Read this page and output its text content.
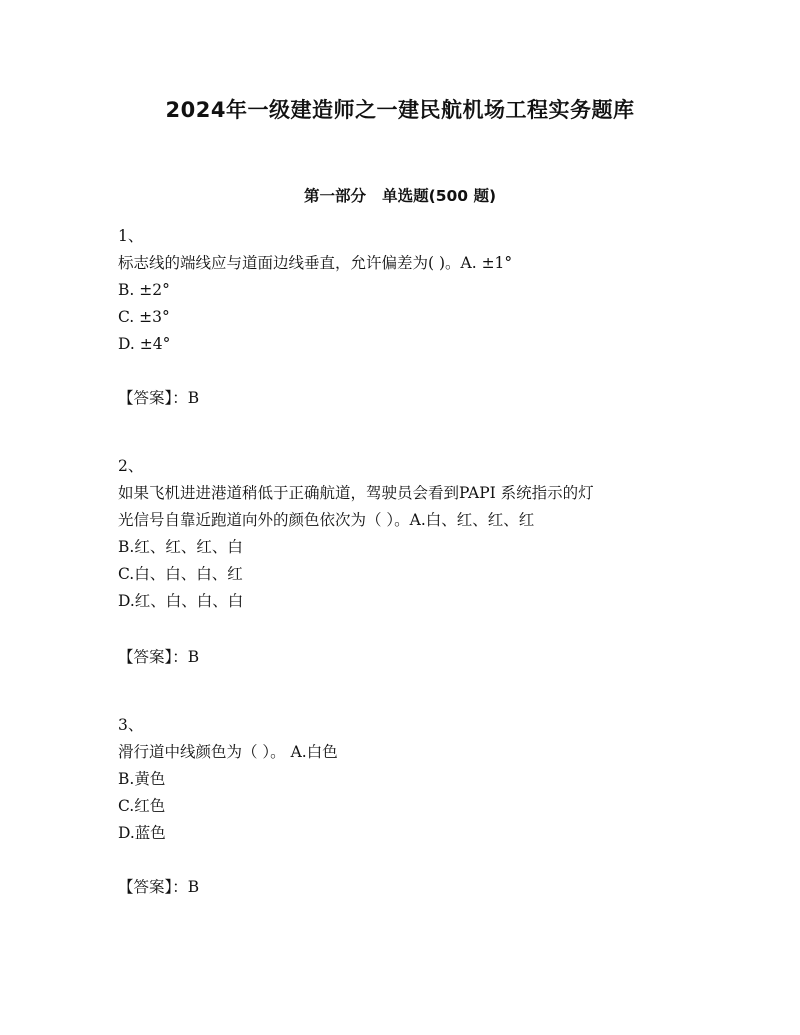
2024年一级建造师之一建民航机场工程实务题库
第一部分   单选题(500 题)
1、
标志线的端线应与道面边线垂直，允许偏差为( )。A. ±1°
B. ±2°
C. ±3°
D. ±4°
【答案】：B
2、
如果飞机进进港道稍低于正确航道，驾驶员会看到PAPI 系统指示的灯
光信号自靠近跑道向外的颜色依次为（ ）。A.白、红、红、红
B.红、红、红、白
C.白、白、白、红
D.红、白、白、白
【答案】：B
3、
滑行道中线颜色为（ ）。 A.白色
B.黄色
C.红色
D.蓝色
【答案】：B
